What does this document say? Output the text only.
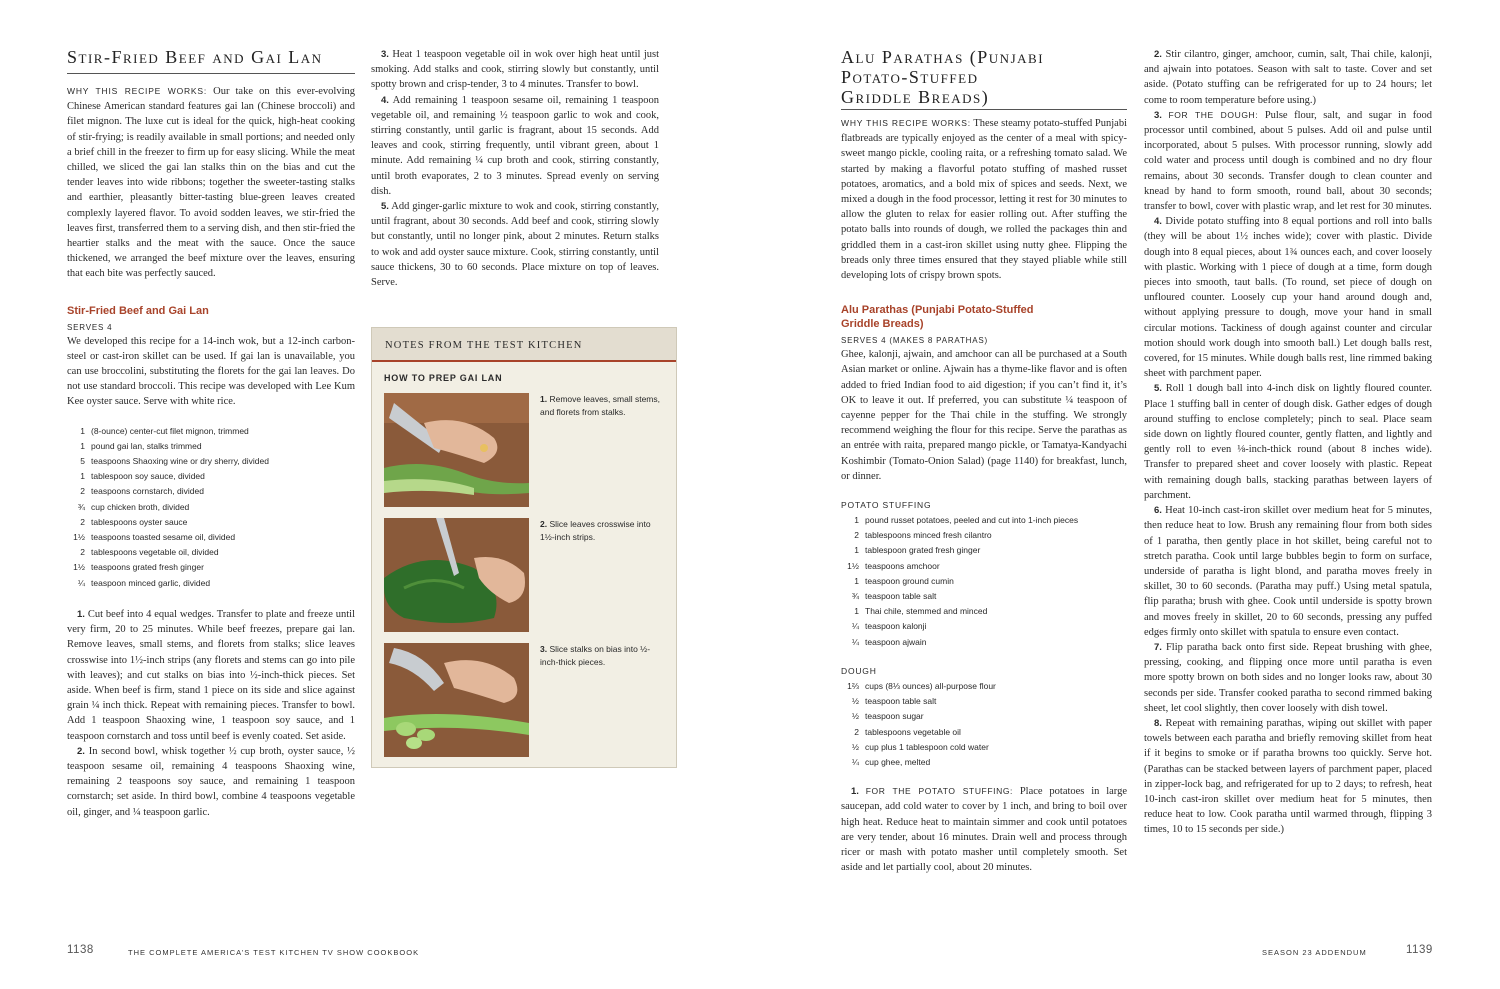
Stir-Fried Beef and Gai Lan

WHY THIS RECIPE WORKS: Our take on this ever-evolving Chinese American standard features gai lan (Chinese broccoli) and filet mignon. The luxe cut is ideal for the quick, high-heat cooking of stir-frying; is readily available in small portions; and needed only a brief chill in the freezer to firm up for easy slicing. While the meat chilled, we sliced the gai lan stalks thin on the bias and cut the tender leaves into wide ribbons; together the sweeter-tasting stalks and earthier, pleasantly bitter-tasting blue-green leaves created complexly layered flavor. To avoid sodden leaves, we stir-fried the leaves first, transferred them to a serving dish, and then stir-fried the heartier stalks and the meat with the sauce. Once the sauce thickened, we arranged the beef mixture over the leaves, ensuring that each bite was perfectly sauced.

Stir-Fried Beef and Gai Lan

SERVES 4

We developed this recipe for a 14-inch wok, but a 12-inch carbon-steel or cast-iron skillet can be used. If gai lan is unavailable, you can use broccolini, substituting the florets for the gai lan leaves. Do not use standard broccoli. This recipe was developed with Lee Kum Kee oyster sauce. Serve with white rice.

1 (8-ounce) center-cut filet mignon, trimmed
1 pound gai lan, stalks trimmed
5 teaspoons Shaoxing wine or dry sherry, divided
1 tablespoon soy sauce, divided
2 teaspoons cornstarch, divided
¾ cup chicken broth, divided
2 tablespoons oyster sauce
1½ teaspoons toasted sesame oil, divided
2 tablespoons vegetable oil, divided
1½ teaspoons grated fresh ginger
¼ teaspoon minced garlic, divided

1. Cut beef into 4 equal wedges. Transfer to plate and freeze until very firm, 20 to 25 minutes. While beef freezes, prepare gai lan. Remove leaves, small stems, and florets from stalks; slice leaves crosswise into 1½-inch strips (any florets and stems can go into pile with leaves); and cut stalks on bias into ½-inch-thick pieces. Set aside. When beef is firm, stand 1 piece on its side and slice against grain ¼ inch thick. Repeat with remaining pieces. Transfer to bowl. Add 1 teaspoon Shaoxing wine, 1 teaspoon soy sauce, and 1 teaspoon cornstarch and toss until beef is evenly coated. Set aside.

2. In second bowl, whisk together ½ cup broth, oyster sauce, ½ teaspoon sesame oil, remaining 4 teaspoons Shaoxing wine, remaining 2 teaspoons soy sauce, and remaining 1 teaspoon cornstarch; set aside. In third bowl, combine 4 teaspoons vegetable oil, ginger, and ¼ teaspoon garlic.

3. Heat 1 teaspoon vegetable oil in wok over high heat until just smoking. Add stalks and cook, stirring slowly but constantly, until spotty brown and crisp-tender, 3 to 4 minutes. Transfer to bowl.

4. Add remaining 1 teaspoon sesame oil, remaining 1 teaspoon vegetable oil, and remaining ½ teaspoon garlic to wok and cook, stirring constantly, until garlic is fragrant, about 15 seconds. Add leaves and cook, stirring frequently, until vibrant green, about 1 minute. Add remaining ¼ cup broth and cook, stirring constantly, until broth evaporates, 2 to 3 minutes. Spread evenly on serving dish.

5. Add ginger-garlic mixture to wok and cook, stirring constantly, until fragrant, about 30 seconds. Add beef and cook, stirring slowly but constantly, until no longer pink, about 2 minutes. Return stalks to wok and add oyster sauce mixture. Cook, stirring constantly, until sauce thickens, 30 to 60 seconds. Place mixture on top of leaves. Serve.

NOTES FROM THE TEST KITCHEN

HOW TO PREP GAI LAN

1. Remove leaves, small stems, and florets from stalks.

2. Slice leaves crosswise into 1½-inch strips.

3. Slice stalks on bias into ½-inch-thick pieces.

1138	THE COMPLETE AMERICA’S TEST KITCHEN TV SHOW COOKBOOK

Alu Parathas (Punjabi
Potato-Stuffed
Griddle Breads)

WHY THIS RECIPE WORKS: These steamy potato-stuffed Punjabi flatbreads are typically enjoyed as the center of a meal with spicy-sweet mango pickle, cooling raita, or a refreshing tomato salad. We started by making a flavorful potato stuffing of mashed russet potatoes, aromatics, and a bold mix of spices and seeds. Next, we mixed a dough in the food processor, letting it rest for 30 minutes to allow the gluten to relax for easier rolling out. After stuffing the potato balls into rounds of dough, we rolled the packages thin and griddled them in a cast-iron skillet using nutty ghee. Flipping the breads only three times ensured that they stayed pliable while still developing lots of crispy brown spots.

Alu Parathas (Punjabi Potato-Stuffed
Griddle Breads)

SERVES 4 (MAKES 8 PARATHAS)

Ghee, kalonji, ajwain, and amchoor can all be purchased at a South Asian market or online. Ajwain has a thyme-like flavor and is often added to fried Indian food to aid digestion; if you can’t find it, it’s OK to leave it out. If preferred, you can substitute ¼ teaspoon of cayenne pepper for the Thai chile in the stuffing. We strongly recommend weighing the flour for this recipe. Serve the parathas as an entrée with raita, prepared mango pickle, or Tamatya-Kandyachi Koshimbir (Tomato-Onion Salad) (page 1140) for breakfast, lunch, or dinner.

POTATO STUFFING

1 pound russet potatoes, peeled and cut into 1-inch pieces
2 tablespoons minced fresh cilantro
1 tablespoon grated fresh ginger
1½ teaspoons amchoor
1 teaspoon ground cumin
¾ teaspoon table salt
1 Thai chile, stemmed and minced
¼ teaspoon kalonji
¼ teaspoon ajwain

DOUGH

1⅔ cups (8⅓ ounces) all-purpose flour
½ teaspoon table salt
½ teaspoon sugar
2 tablespoons vegetable oil
½ cup plus 1 tablespoon cold water
¼ cup ghee, melted

1. FOR THE POTATO STUFFING: Place potatoes in large saucepan, add cold water to cover by 1 inch, and bring to boil over high heat. Reduce heat to maintain simmer and cook until potatoes are very tender, about 16 minutes. Drain well and process through ricer or mash with potato masher until completely smooth. Set aside and let partially cool, about 20 minutes.

2. Stir cilantro, ginger, amchoor, cumin, salt, Thai chile, kalonji, and ajwain into potatoes. Season with salt to taste. Cover and set aside. (Potato stuffing can be refrigerated for up to 24 hours; let come to room temperature before using.)

3. FOR THE DOUGH: Pulse flour, salt, and sugar in food processor until combined, about 5 pulses. Add oil and pulse until incorporated, about 5 pulses. With processor running, slowly add cold water and process until dough is combined and no dry flour remains, about 30 seconds. Transfer dough to clean counter and knead by hand to form smooth, round ball, about 30 seconds; transfer to bowl, cover with plastic wrap, and let rest for 30 minutes.

4. Divide potato stuffing into 8 equal portions and roll into balls (they will be about 1½ inches wide); cover with plastic. Divide dough into 8 equal pieces, about 1¾ ounces each, and cover loosely with plastic. Working with 1 piece of dough at a time, form dough pieces into smooth, taut balls. (To round, set piece of dough on unfloured counter. Loosely cup your hand around dough and, without applying pressure to dough, move your hand in small circular motions. Tackiness of dough against counter and circular motion should work dough into smooth ball.) Let dough balls rest, covered, for 15 minutes. While dough balls rest, line rimmed baking sheet with parchment paper.

5. Roll 1 dough ball into 4-inch disk on lightly floured counter. Place 1 stuffing ball in center of dough disk. Gather edges of dough around stuffing to enclose completely; pinch to seal. Place seam side down on lightly floured counter, gently flatten, and lightly and gently roll to even ⅛-inch-thick round (about 8 inches wide). Transfer to prepared sheet and cover loosely with plastic. Repeat with remaining dough balls, stacking parathas between layers of parchment.

6. Heat 10-inch cast-iron skillet over medium heat for 5 minutes, then reduce heat to low. Brush any remaining flour from both sides of 1 paratha, then gently place in hot skillet, being careful not to stretch paratha. Cook until large bubbles begin to form on surface, underside of paratha is light blond, and paratha moves freely in skillet, 30 to 60 seconds. (Paratha may puff.) Using metal spatula, flip paratha; brush with ghee. Cook until underside is spotty brown and moves freely in skillet, 20 to 60 seconds, pressing any puffed edges firmly onto skillet with spatula to ensure even contact.

7. Flip paratha back onto first side. Repeat brushing with ghee, pressing, cooking, and flipping once more until paratha is even more spotty brown on both sides and no longer looks raw, about 30 seconds per side. Transfer cooked paratha to second rimmed baking sheet, let cool slightly, then cover loosely with dish towel.

8. Repeat with remaining parathas, wiping out skillet with paper towels between each paratha and briefly removing skillet from heat if it begins to smoke or if paratha browns too quickly. Serve hot. (Parathas can be stacked between layers of parchment paper, placed in zipper-lock bag, and refrigerated for up to 2 days; to refresh, heat 10-inch cast-iron skillet over medium heat for 5 minutes, then reduce heat to low. Cook paratha until warmed through, flipping 3 times, 10 to 15 seconds per side.)

SEASON 23 ADDENDUM	1139
